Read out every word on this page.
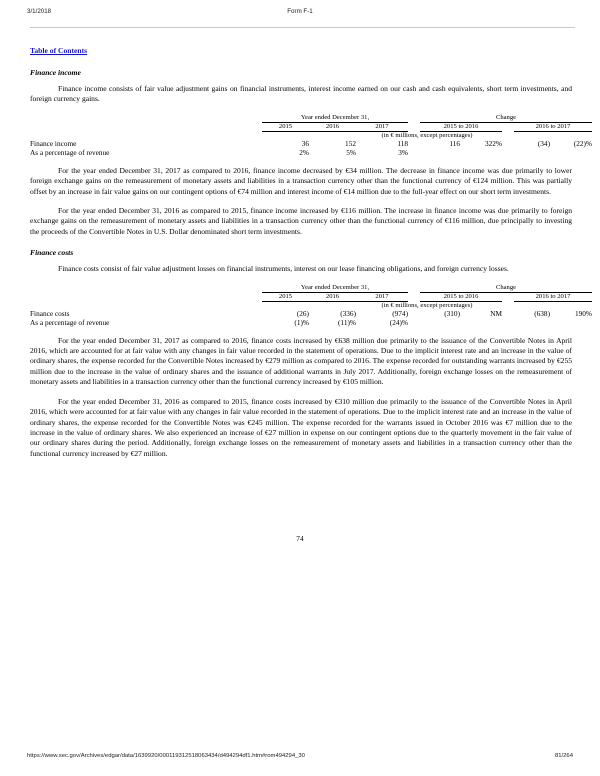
3/1/2018	Form F-1
Table of Contents
Finance income

Finance income consists of fair value adjustment gains on financial instruments, interest income earned on our cash and cash equivalents, short term investments, and foreign currency gains.

	Year ended December 31,				Change				

	2015	2016	2017		2015 to 2016			2016 to 2017	

	(in € millions, except percentages)								
Finance income	36	152	118		116	322%		(34)	(22)%
As a percentage of revenue	2%	5%	3%						

For the year ended December 31, 2017 as compared to 2016, finance income decreased by €34 million. The decrease in finance income was due primarily to lower foreign exchange gains on the remeasurement of monetary assets and liabilities in a transaction currency other than the functional currency of €124 million. This was partially offset by an increase in fair value gains on our contingent options of €74 million and interest income of €14 million due to the full-year effect on our short term investments.

For the year ended December 31, 2016 as compared to 2015, finance income increased by €116 million. The increase in finance income was due primarily to foreign exchange gains on the remeasurement of monetary assets and liabilities in a transaction currency other than the functional currency of €116 million, due principally to investing the proceeds of the Convertible Notes in U.S. Dollar denominated short term investments.

Finance costs

Finance costs consist of fair value adjustment losses on financial instruments, interest on our lease financing obligations, and foreign currency losses.

	Year ended December 31,				Change				

	2015	2016	2017		2015 to 2016			2016 to 2017	

	(in € millions, except percentages)								
Finance costs	(26)	(336)	(974)		(310)	NM		(638)	190%
As a percentage of revenue	(1)%	(11)%	(24)%						

For the year ended December 31, 2017 as compared to 2016, finance costs increased by €638 million due primarily to the issuance of the Convertible Notes in April 2016, which are accounted for at fair value with any changes in fair value recorded in the statement of operations. Due to the implicit interest rate and an increase in the value of ordinary shares, the expense recorded for the Convertible Notes increased by €279 million as compared to 2016. The expense recorded for outstanding warrants increased by €255 million due to the increase in the value of ordinary shares and the issuance of additional warrants in July 2017. Additionally, foreign exchange losses on the remeasurement of monetary assets and liabilities in a transaction currency other than the functional currency increased by €105 million.

For the year ended December 31, 2016 as compared to 2015, finance costs increased by €310 million due primarily to the issuance of the Convertible Notes in April 2016, which were accounted for at fair value with any changes in fair value recorded in the statement of operations. Due to the implicit interest rate and an increase in the value of ordinary shares, the expense recorded for the Convertible Notes was €245 million. The expense recorded for the warrants issued in October 2016 was €7 million due to the increase in the value of ordinary shares. We also experienced an increase of €27 million in expense on our contingent options due to the quarterly movement in the fair value of our ordinary shares during the period. Additionally, foreign exchange losses on the remeasurement of monetary assets and liabilities in a transaction currency other than the functional currency increased by €27 million.

74
https://www.sec.gov/Archives/edgar/data/1639920/000119312518063434/d494294df1.htm#rom494294_30	81/264
